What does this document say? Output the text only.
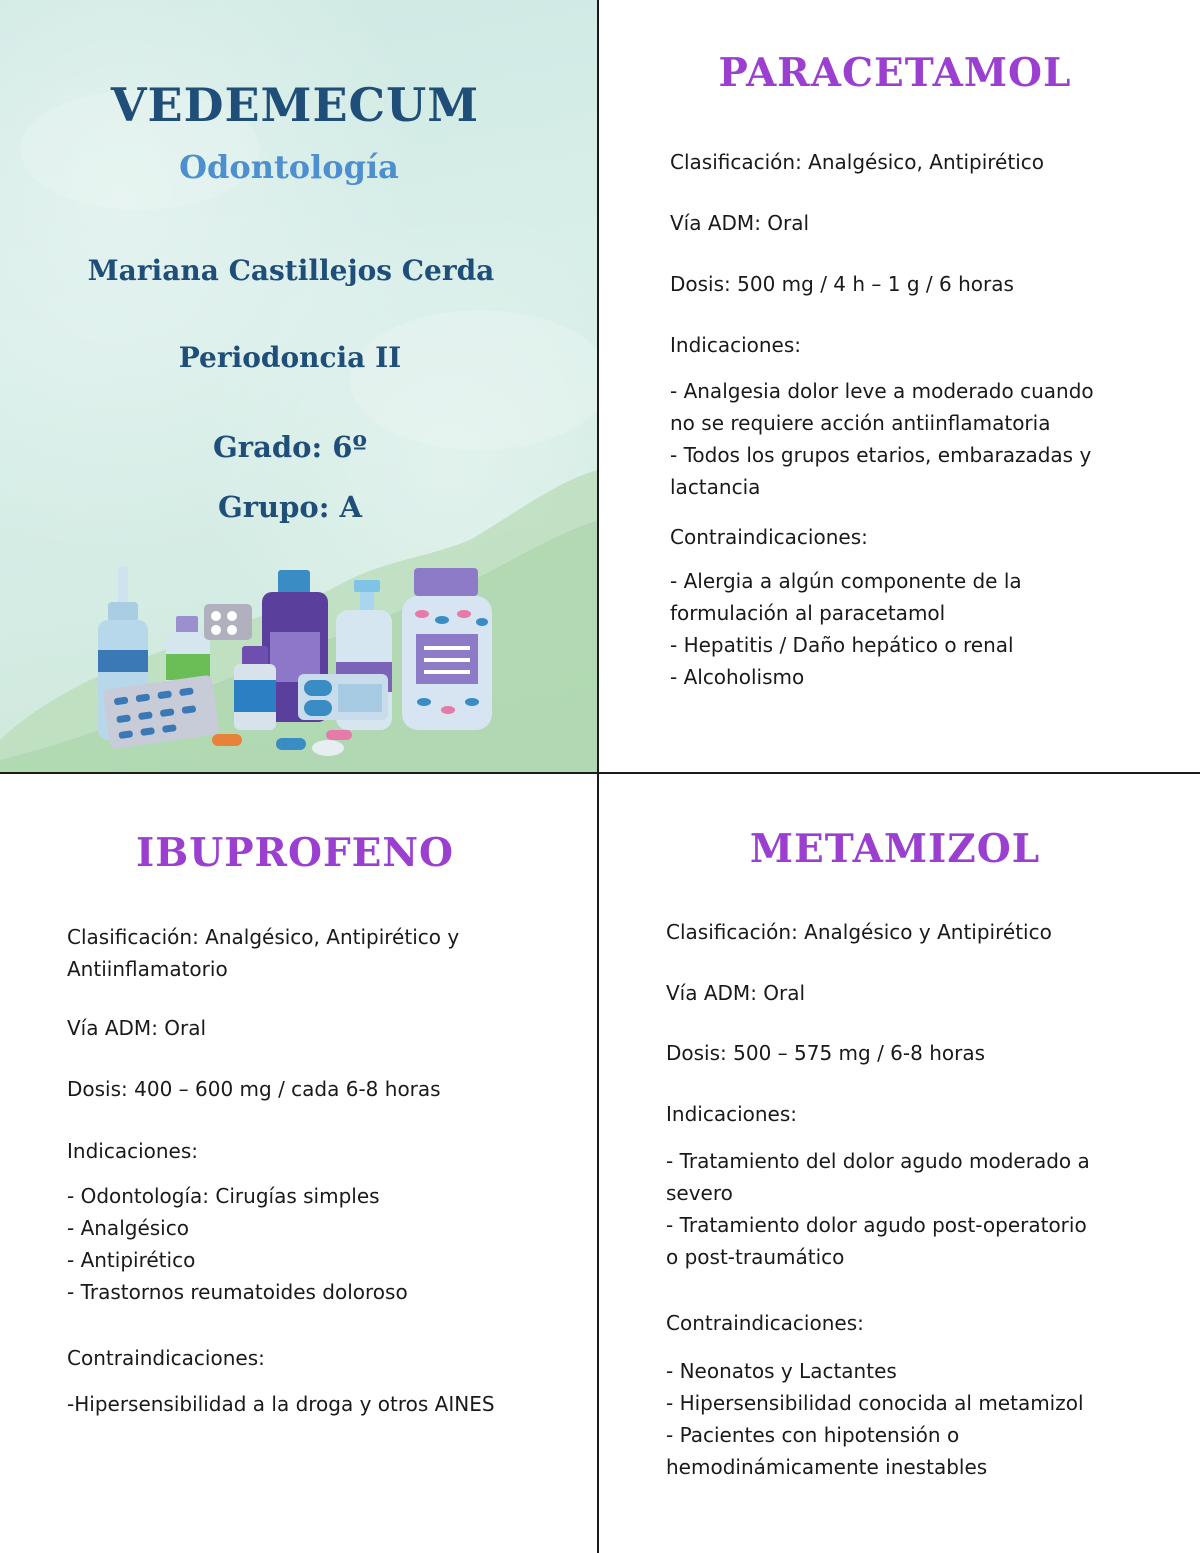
VEDEMECUM
Odontología
Mariana Castillejos Cerda
Periodoncia II
Grado: 6º
Grupo: A
PARACETAMOL
Clasificación: Analgésico, Antipirético
Vía ADM: Oral
Dosis: 500 mg / 4 h – 1 g / 6 horas
Indicaciones:
- Analgesia dolor leve a moderado cuando
no se requiere acción antiinflamatoria
- Todos los grupos etarios, embarazadas y
lactancia
Contraindicaciones:
- Alergia a algún componente de la
formulación al paracetamol
- Hepatitis / Daño hepático o renal
- Alcoholismo
IBUPROFENO
Clasificación: Analgésico, Antipirético y
Antiinflamatorio
Vía ADM: Oral
Dosis: 400 – 600 mg / cada 6-8 horas
Indicaciones:
- Odontología: Cirugías simples
- Analgésico
- Antipirético
- Trastornos reumatoides doloroso
Contraindicaciones:
-Hipersensibilidad a la droga y otros AINES
METAMIZOL
Clasificación: Analgésico y Antipirético
Vía ADM: Oral
Dosis: 500 – 575 mg / 6-8 horas
Indicaciones:
- Tratamiento del dolor agudo moderado a
severo
- Tratamiento dolor agudo post-operatorio
o post-traumático
Contraindicaciones:
- Neonatos y Lactantes
- Hipersensibilidad conocida al metamizol
- Pacientes con hipotensión o
hemodinámicamente inestables
